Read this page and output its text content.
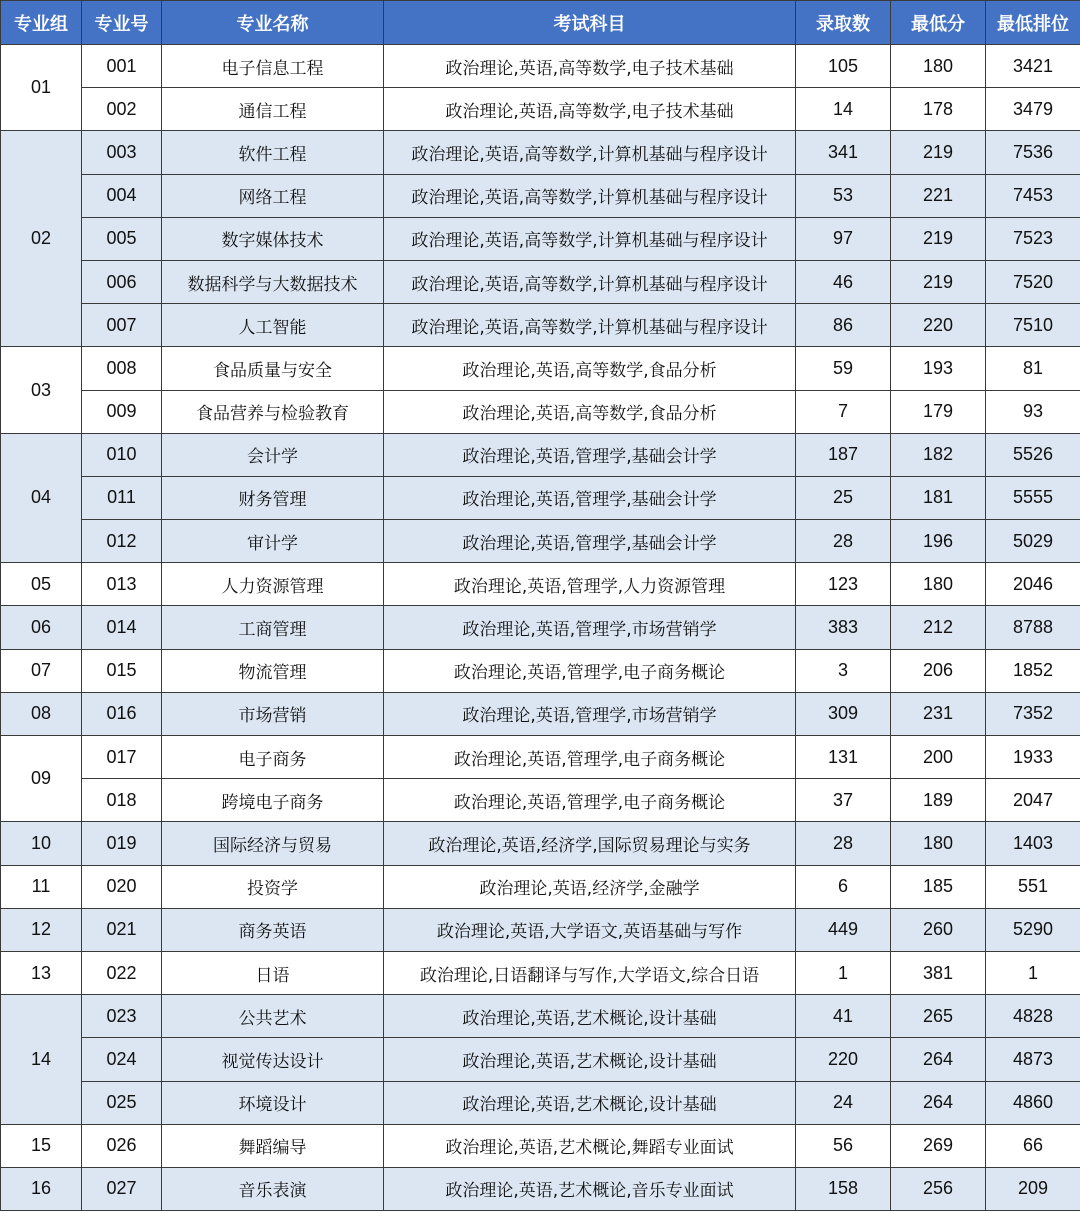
专业组	专业号	专业名称	考试科目	录取数	最低分	最低排位
01	001	电子信息工程	政治理论,英语,高等数学,电子技术基础	105	180	3421
	002	通信工程	政治理论,英语,高等数学,电子技术基础	14	178	3479
02	003	软件工程	政治理论,英语,高等数学,计算机基础与程序设计	341	219	7536
	004	网络工程	政治理论,英语,高等数学,计算机基础与程序设计	53	221	7453
	005	数字媒体技术	政治理论,英语,高等数学,计算机基础与程序设计	97	219	7523
	006	数据科学与大数据技术	政治理论,英语,高等数学,计算机基础与程序设计	46	219	7520
	007	人工智能	政治理论,英语,高等数学,计算机基础与程序设计	86	220	7510
03	008	食品质量与安全	政治理论,英语,高等数学,食品分析	59	193	81
	009	食品营养与检验教育	政治理论,英语,高等数学,食品分析	7	179	93
04	010	会计学	政治理论,英语,管理学,基础会计学	187	182	5526
	011	财务管理	政治理论,英语,管理学,基础会计学	25	181	5555
	012	审计学	政治理论,英语,管理学,基础会计学	28	196	5029
05	013	人力资源管理	政治理论,英语,管理学,人力资源管理	123	180	2046
06	014	工商管理	政治理论,英语,管理学,市场营销学	383	212	8788
07	015	物流管理	政治理论,英语,管理学,电子商务概论	3	206	1852
08	016	市场营销	政治理论,英语,管理学,市场营销学	309	231	7352
09	017	电子商务	政治理论,英语,管理学,电子商务概论	131	200	1933
	018	跨境电子商务	政治理论,英语,管理学,电子商务概论	37	189	2047
10	019	国际经济与贸易	政治理论,英语,经济学,国际贸易理论与实务	28	180	1403
11	020	投资学	政治理论,英语,经济学,金融学	6	185	551
12	021	商务英语	政治理论,英语,大学语文,英语基础与写作	449	260	5290
13	022	日语	政治理论,日语翻译与写作,大学语文,综合日语	1	381	1
14	023	公共艺术	政治理论,英语,艺术概论,设计基础	41	265	4828
	024	视觉传达设计	政治理论,英语,艺术概论,设计基础	220	264	4873
	025	环境设计	政治理论,英语,艺术概论,设计基础	24	264	4860
15	026	舞蹈编导	政治理论,英语,艺术概论,舞蹈专业面试	56	269	66
16	027	音乐表演	政治理论,英语,艺术概论,音乐专业面试	158	256	209
